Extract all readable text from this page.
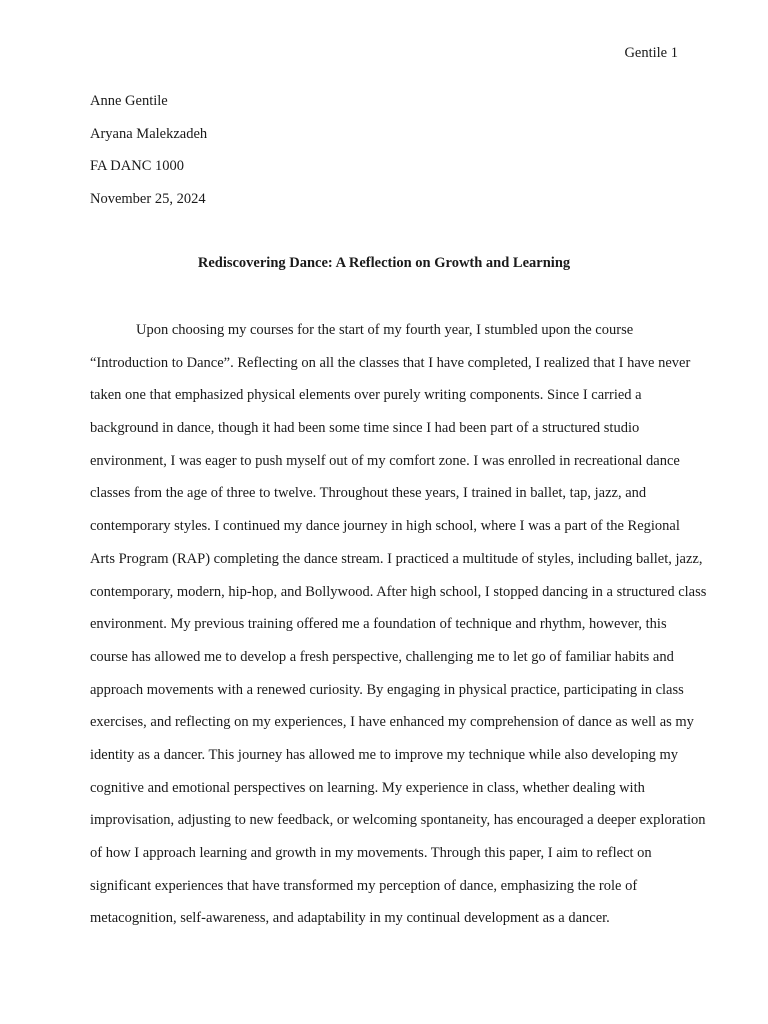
Gentile 1
Anne Gentile
Aryana Malekzadeh
FA DANC 1000
November 25, 2024
Rediscovering Dance: A Reflection on Growth and Learning
Upon choosing my courses for the start of my fourth year, I stumbled upon the course
“Introduction to Dance”. Reflecting on all the classes that I have completed, I realized that I have never
taken one that emphasized physical elements over purely writing components. Since I carried a
background in dance, though it had been some time since I had been part of a structured studio
environment, I was eager to push myself out of my comfort zone. I was enrolled in recreational dance
classes from the age of three to twelve. Throughout these years, I trained in ballet, tap, jazz, and
contemporary styles. I continued my dance journey in high school, where I was a part of the Regional
Arts Program (RAP) completing the dance stream. I practiced a multitude of styles, including ballet, jazz,
contemporary, modern, hip-hop, and Bollywood. After high school, I stopped dancing in a structured class
environment. My previous training offered me a foundation of technique and rhythm, however, this
course has allowed me to develop a fresh perspective, challenging me to let go of familiar habits and
approach movements with a renewed curiosity. By engaging in physical practice, participating in class
exercises, and reflecting on my experiences, I have enhanced my comprehension of dance as well as my
identity as a dancer. This journey has allowed me to improve my technique while also developing my
cognitive and emotional perspectives on learning. My experience in class, whether dealing with
improvisation, adjusting to new feedback, or welcoming spontaneity, has encouraged a deeper exploration
of how I approach learning and growth in my movements. Through this paper, I aim to reflect on
significant experiences that have transformed my perception of dance, emphasizing the role of
metacognition, self-awareness, and adaptability in my continual development as a dancer.
